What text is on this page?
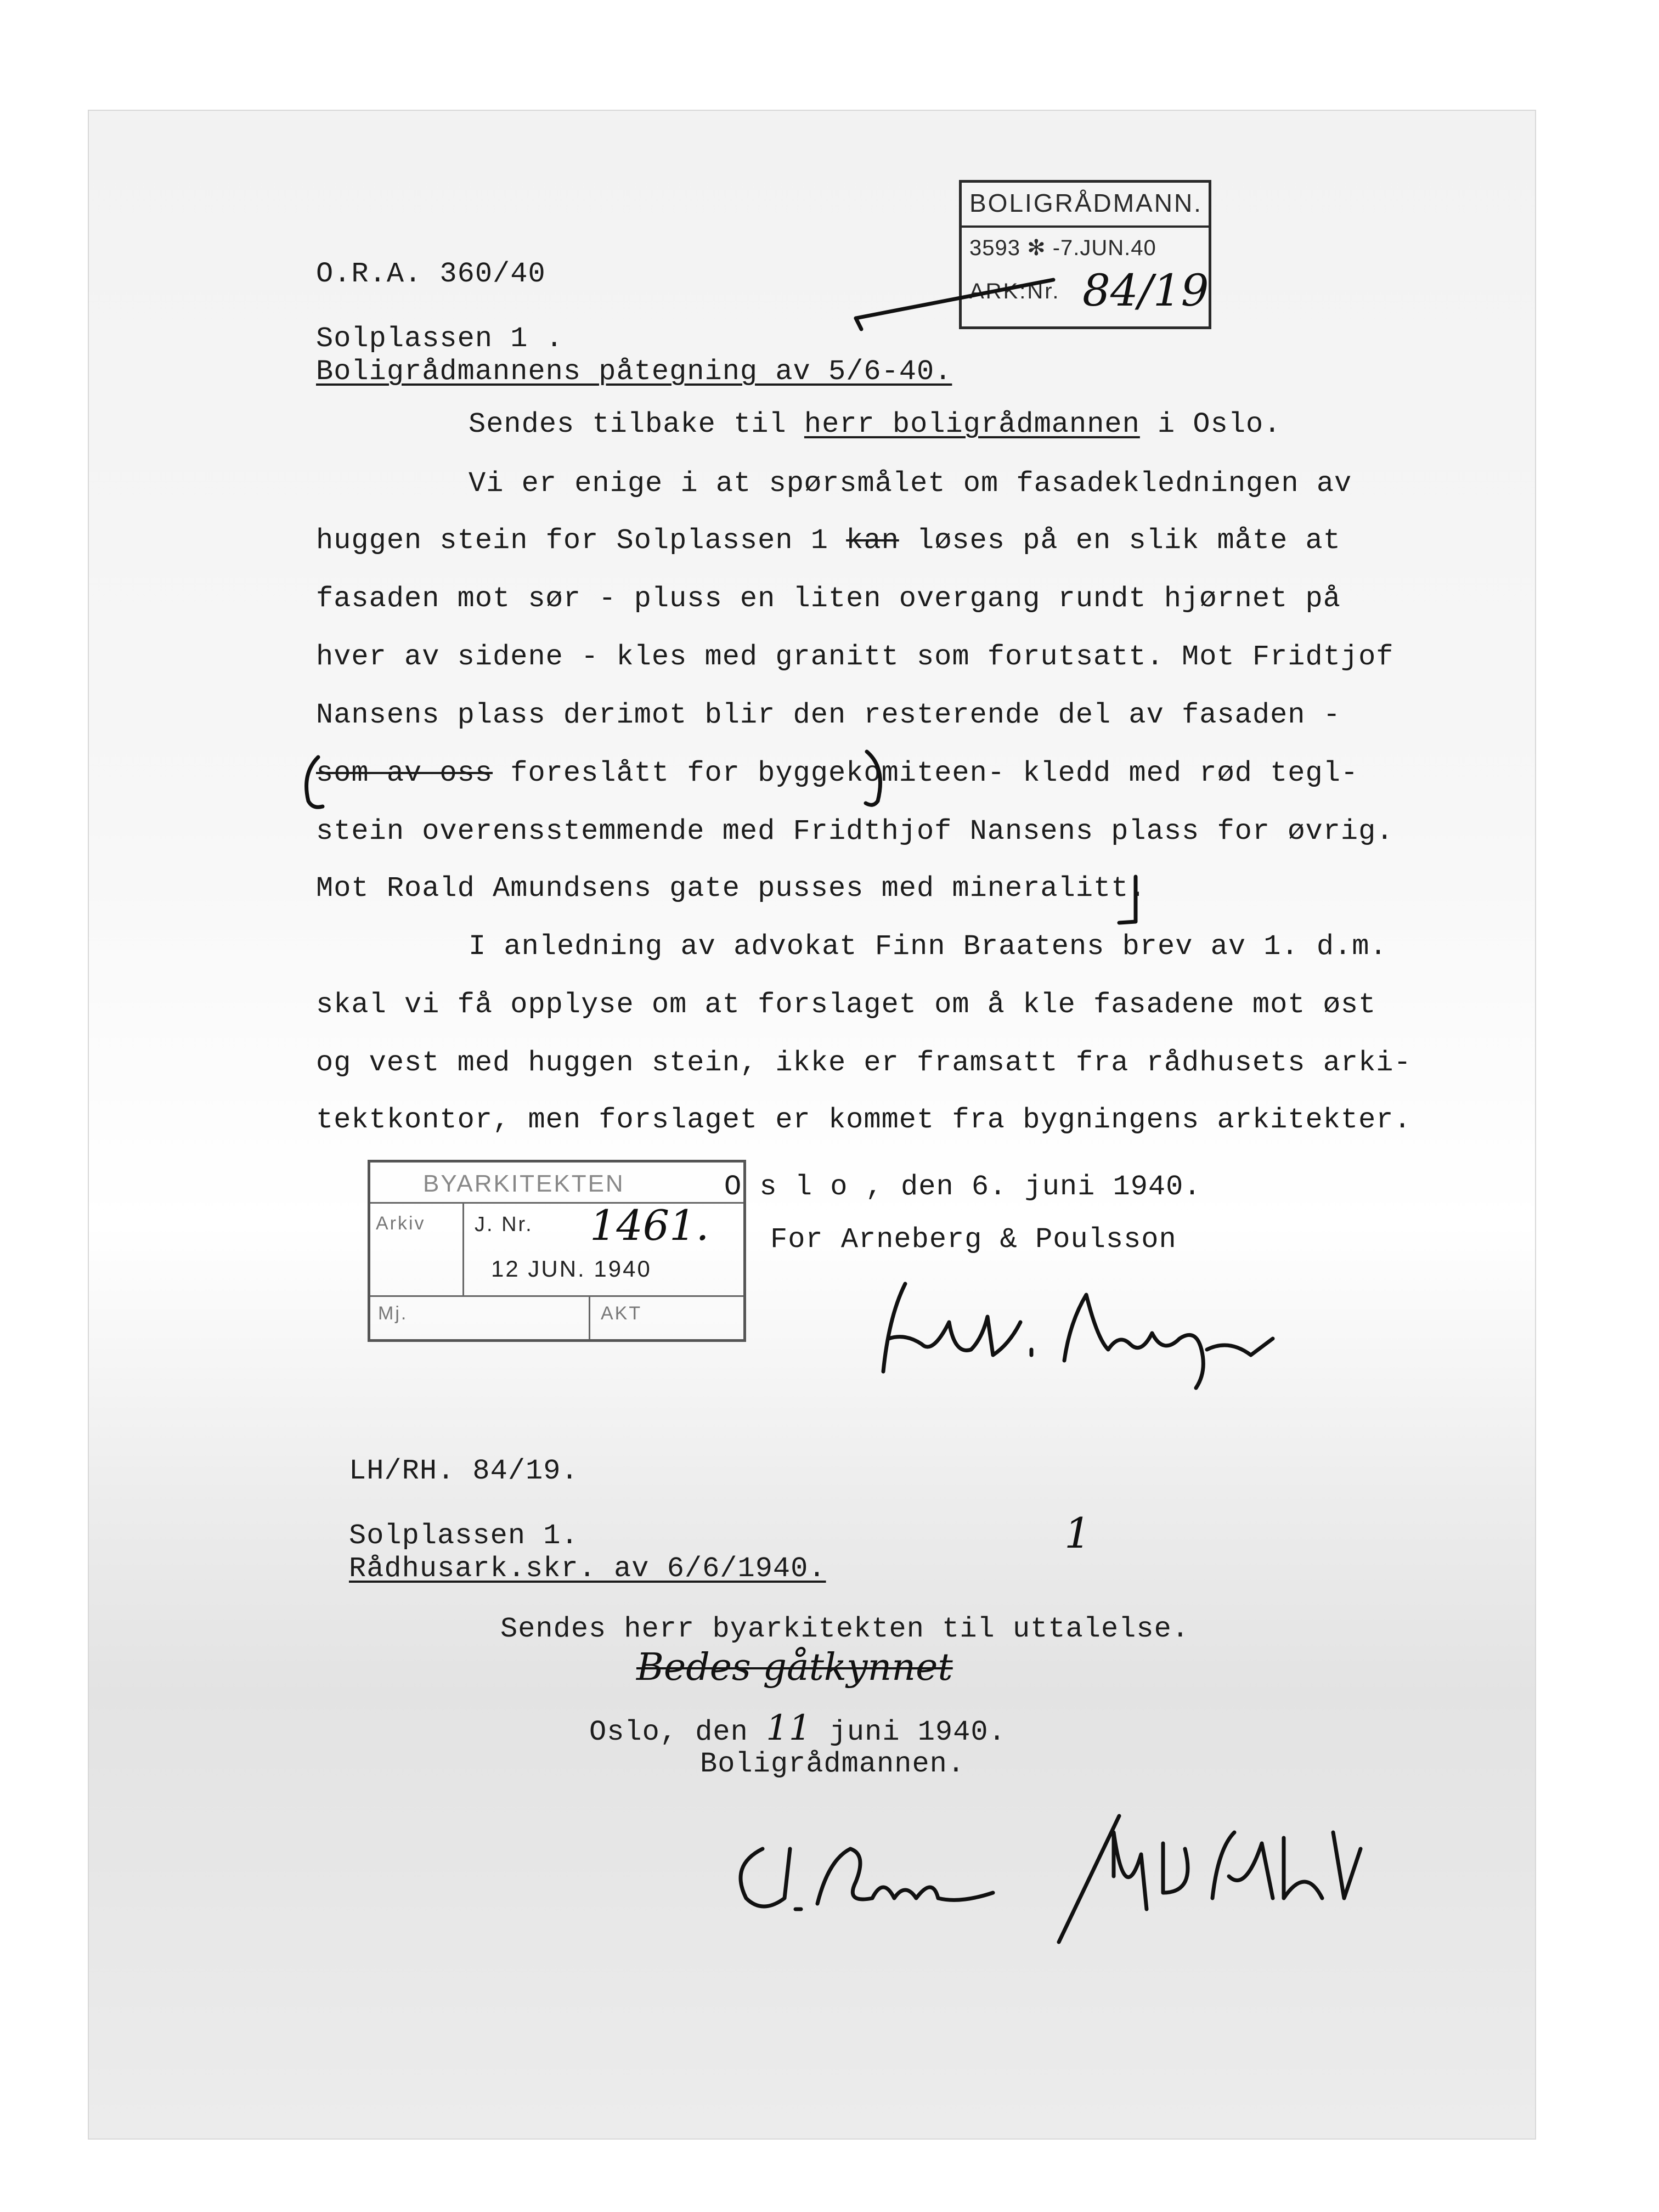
BOLIGRÅDMANN.
3593 ✻ -7.JUN.40
ARK:Nr. 84/19
O.R.A. 360/40
Solplassen 1 .
Boligrådmannens påtegning av 5/6-40.
Sendes tilbake til herr boligrådmannen i Oslo.
Vi er enige i at spørsmålet om fasadekledningen av
huggen stein for Solplassen 1 kan løses på en slik måte at
fasaden mot sør - pluss en liten overgang rundt hjørnet på
hver av sidene - kles med granitt som forutsatt. Mot Fridtjof
Nansens plass derimot blir den resterende del av fasaden -
som av oss foreslått for byggekomiteen- kledd med rød tegl-
stein overensstemmende med Fridthjof Nansens plass for øvrig.
Mot Roald Amundsens gate pusses med mineralitt.
I anledning av advokat Finn Braatens brev av 1. d.m.
skal vi få opplyse om at forslaget om å kle fasadene mot øst
og vest med huggen stein, ikke er framsatt fra rådhusets arki-
tektkontor, men forslaget er kommet fra bygningens arkitekter.
BYARKITEKTEN
Arkiv J. Nr. 1461.
12 JUN. 1940
Mj.	AKT
O s l o , den 6. juni 1940.
For Arneberg & Poulsson
LH/RH. 84/19.
Solplassen 1.
Rådhusark.skr. av 6/6/1940.
1
Sendes herr byarkitekten til uttalelse.
Bedes gåtkynnet
Oslo, den 11 juni 1940.
Boligrådmannen.
